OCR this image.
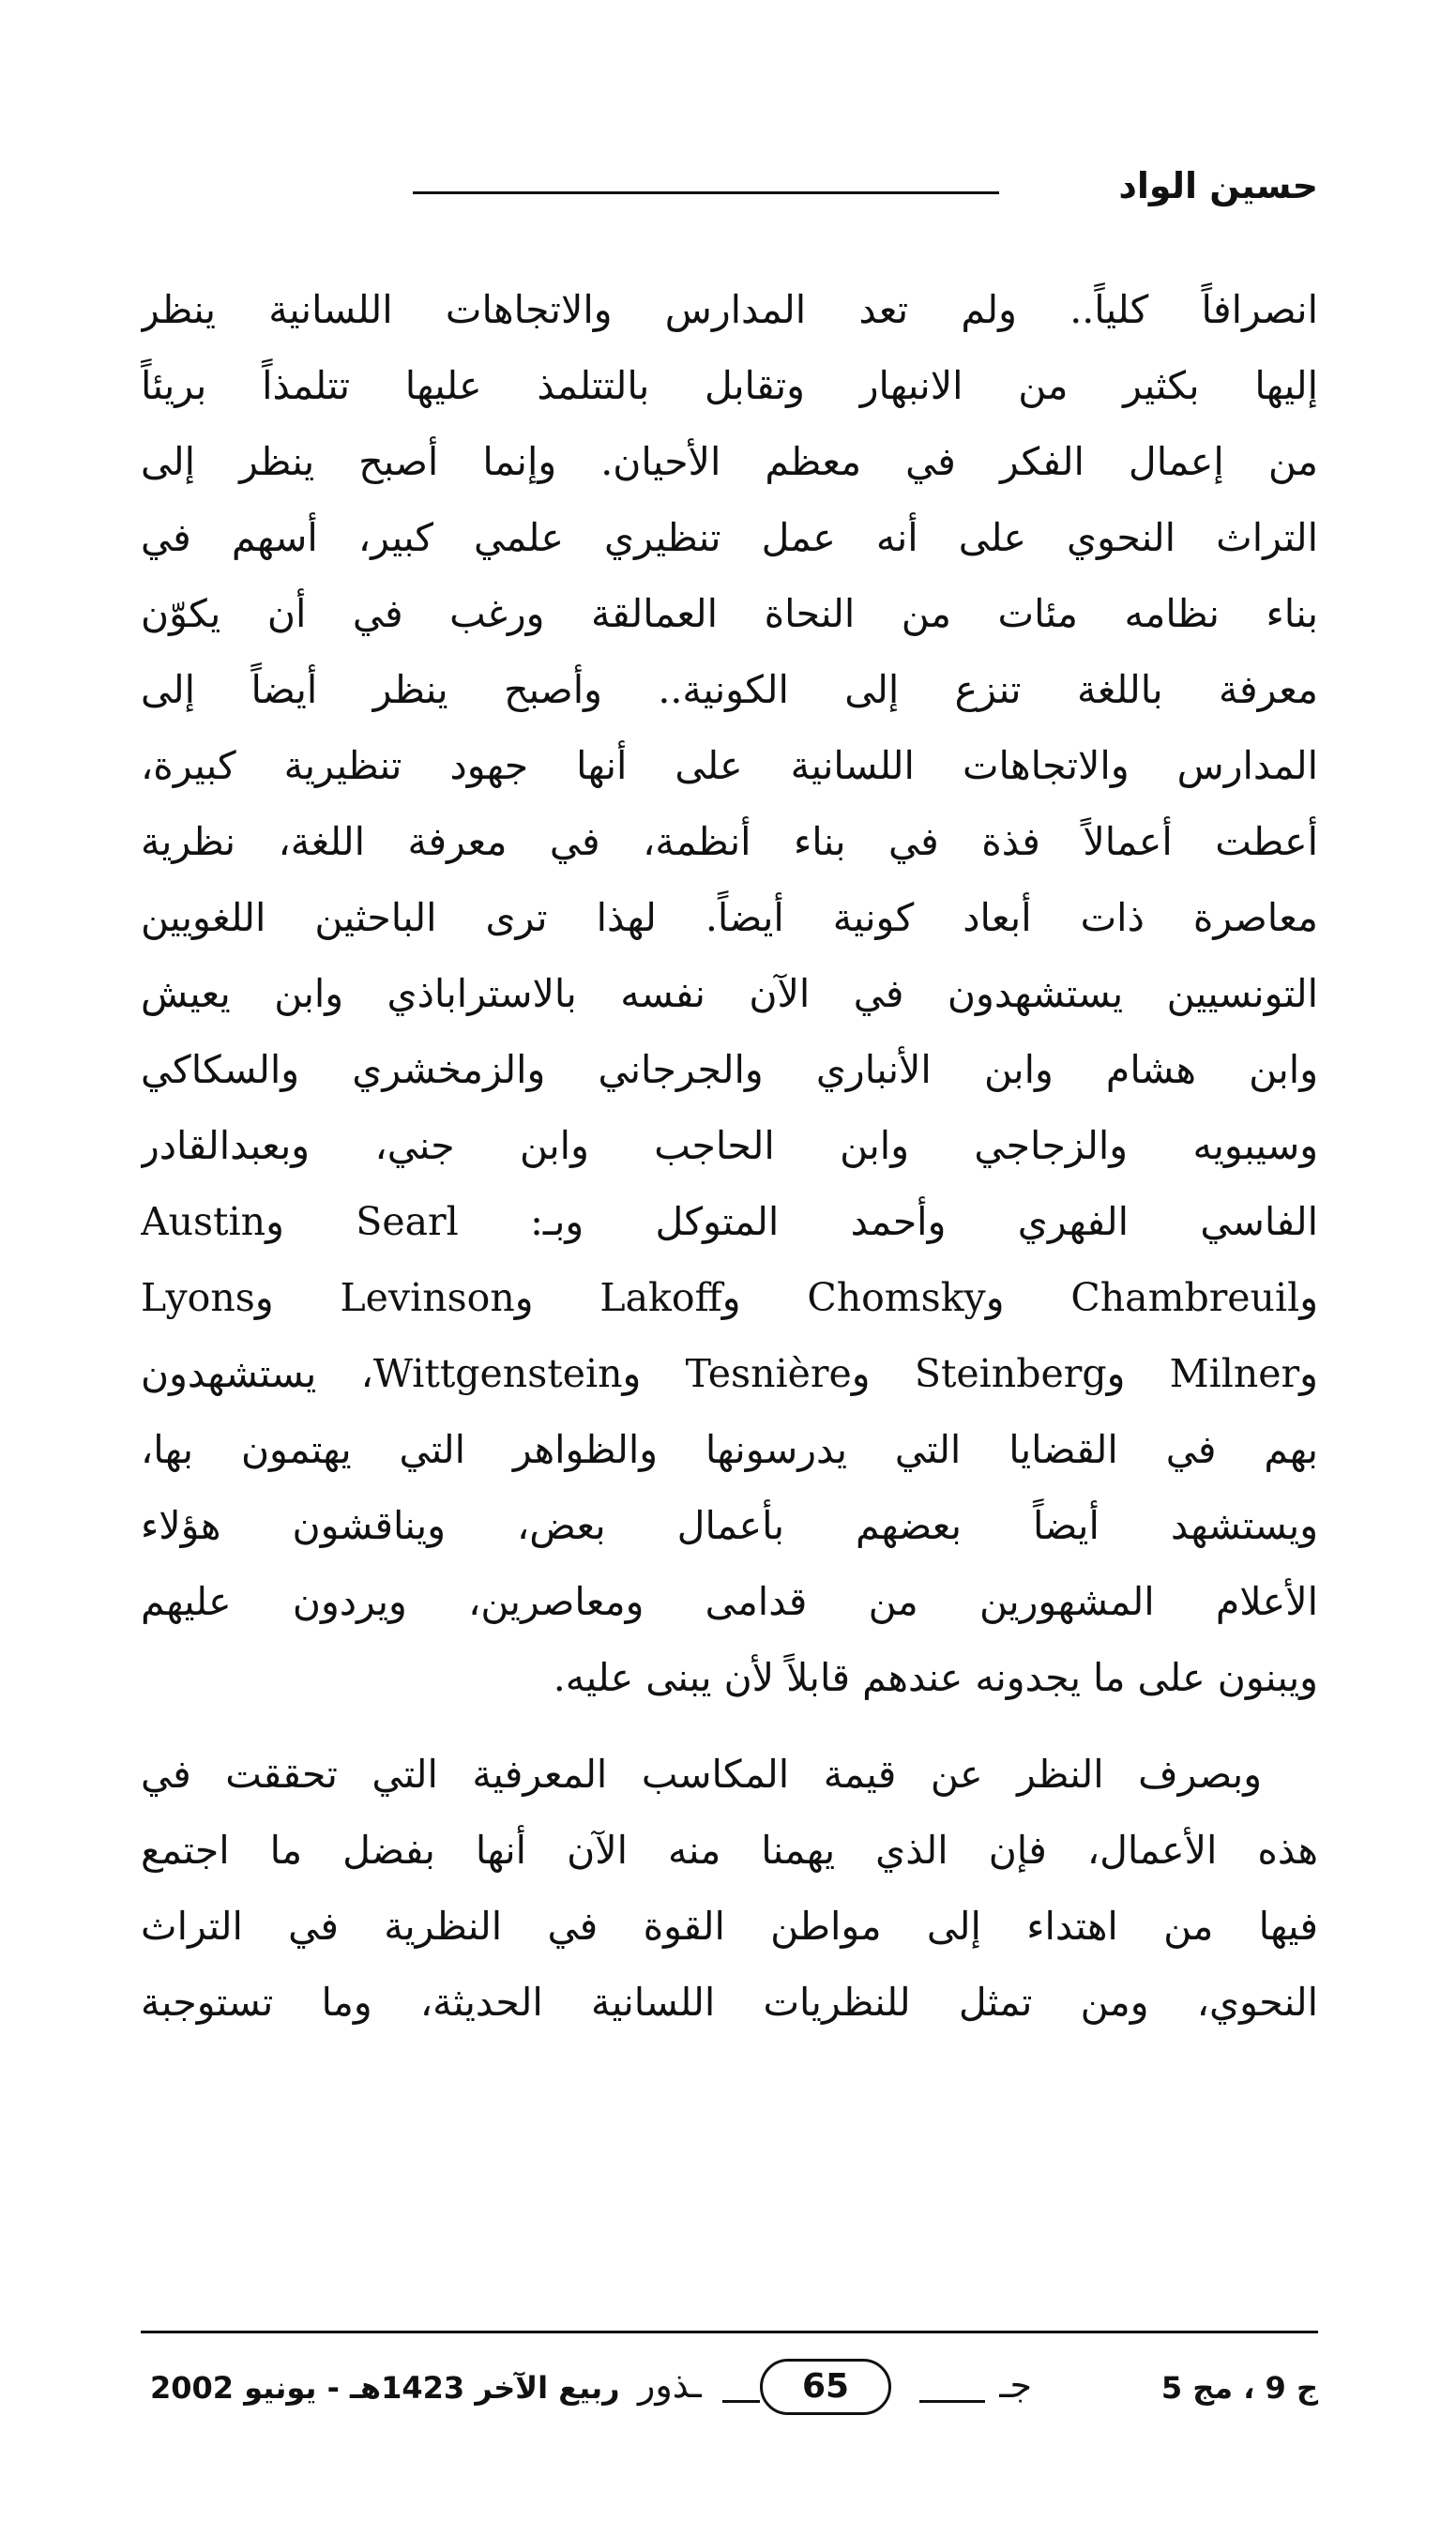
حسين الواد
انصرافاً كلياً.. ولم تعد المدارس والاتجاهات اللسانية ينظر
إليها بكثير من الانبهار وتقابل بالتتلمذ عليها تتلمذاً بريئاً
من إعمال الفكر في معظم الأحيان. وإنما أصبح ينظر إلى
التراث النحوي على أنه عمل تنظيري علمي كبير، أسهم في
بناء نظامه مئات من النحاة العمالقة ورغب في أن يكوّن
معرفة باللغة تنزع إلى الكونية.. وأصبح ينظر أيضاً إلى
المدارس والاتجاهات اللسانية على أنها جهود تنظيرية كبيرة،
أعطت أعمالاً فذة في بناء أنظمة، في معرفة اللغة، نظرية
معاصرة ذات أبعاد كونية أيضاً. لهذا ترى الباحثين اللغويين
التونسيين يستشهدون في الآن نفسه بالاستراباذي وابن يعيش
وابن هشام وابن الأنباري والجرجاني والزمخشري والسكاكي
وسيبويه والزجاجي وابن الحاجب وابن جني، وبعبدالقادر
الفاسي الفهري وأحمد المتوكل وبـ: Searl وAustin
وChambreuil وChomsky وLakoff وLevinson وLyons
وMilner وSteinberg وTesnière وWittgenstein، يستشهدون
بهم في القضايا التي يدرسونها والظواهر التي يهتمون بها،
ويستشهد أيضاً بعضهم بأعمال بعض، ويناقشون هؤلاء
الأعلام المشهورين من قدامى ومعاصرين، ويردون عليهم
ويبنون على ما يجدونه عندهم قابلاً لأن يبنى عليه.
وبصرف النظر عن قيمة المكاسب المعرفية التي تحققت في
هذه الأعمال، فإن الذي يهمنا منه الآن أنها بفضل ما اجتمع
فيها من اهتداء إلى مواطن القوة في النظرية في التراث
النحوي، ومن تمثل للنظريات اللسانية الحديثة، وما تستوجبة
ج 9 ، مج 5
جـ
65
ـذور
ربيع الآخر 1423هـ - يونيو 2002
